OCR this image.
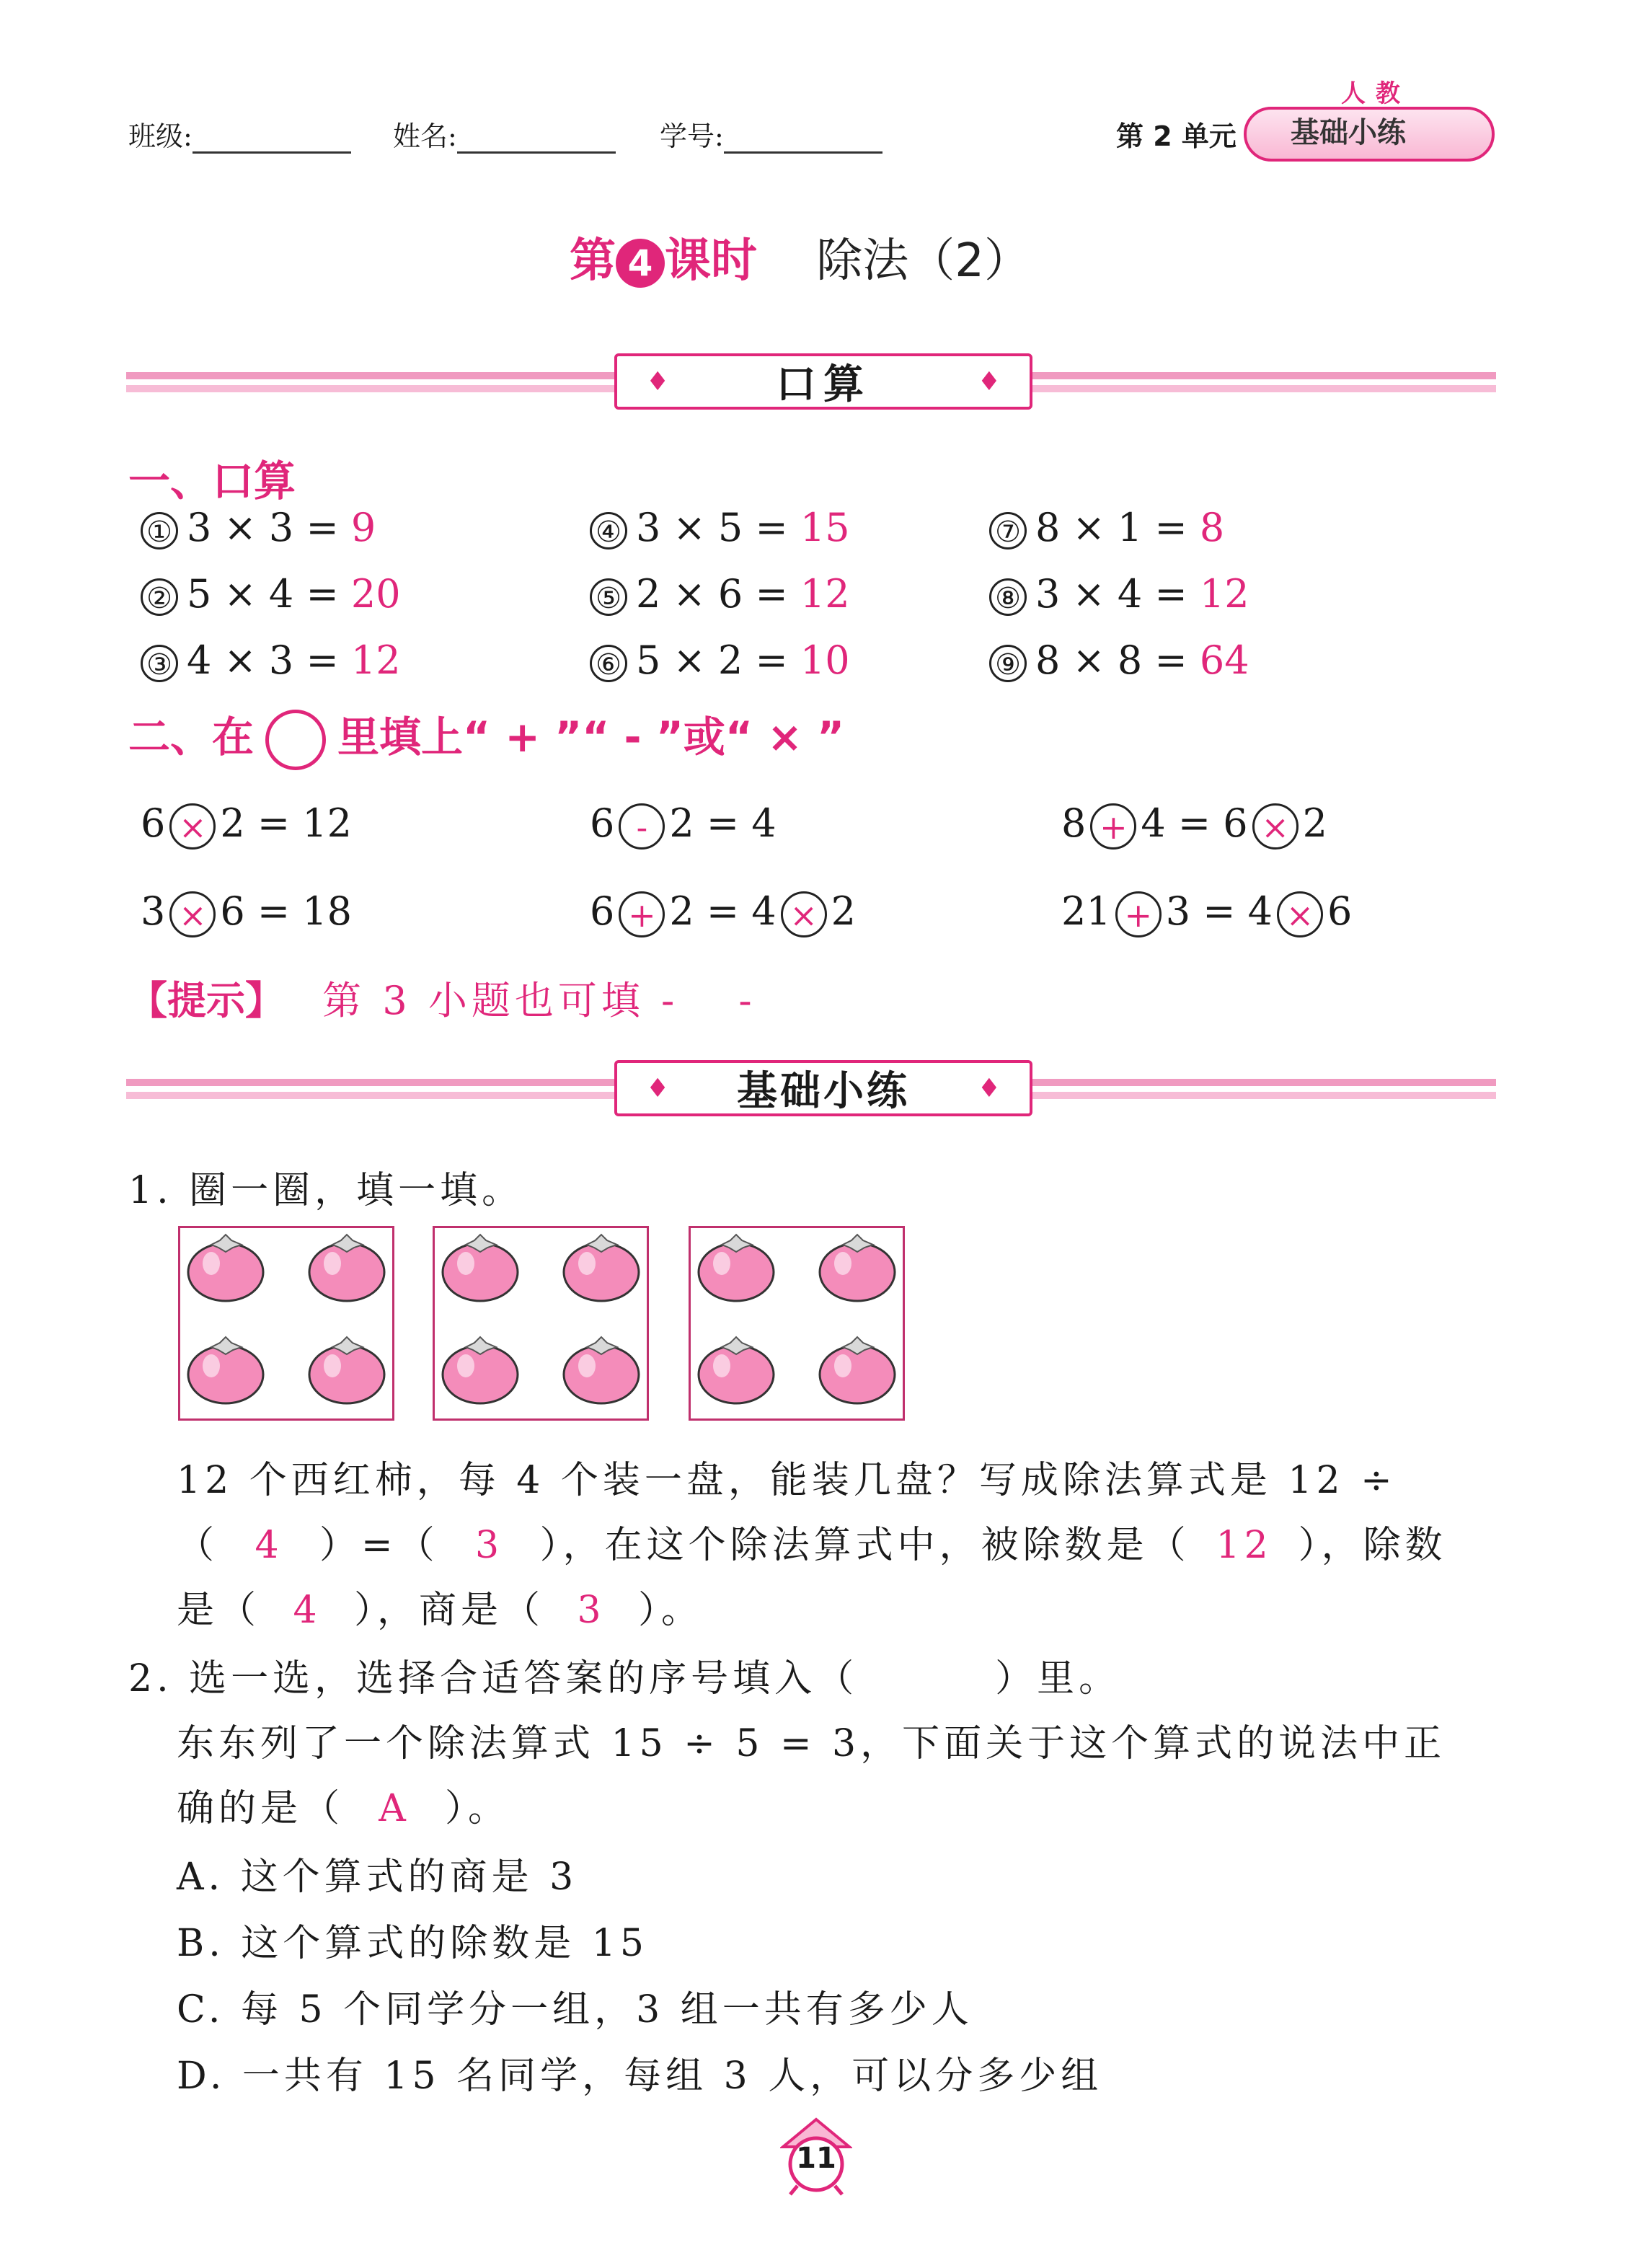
班级:	姓名:	学号:	第 2 单元
人教
基础小练
第 4 课时 除法（2）
♦	口算	♦
一、口算
① 3 × 3 = 9	④ 3 × 5 = 15	⑦ 8 × 1 = 8
② 5 × 4 = 20	⑤ 2 × 6 = 12	⑧ 3 × 4 = 12
③ 4 × 3 = 12	⑥ 5 × 2 = 10	⑨ 8 × 8 = 64
二、在 里填上“ + ”“ - ”或“ × ”
6 × 2 = 12	6 - 2 = 4	8 + 4 = 6 × 2
3 × 6 = 18	6 + 2 = 4 × 2	21 + 3 = 4 × 6
【提示】 第 3 小题也可填 -　 -
♦ 基础小练	♦
1. 圈一圈，填一填。
12 个西红柿，每 4 个装一盘，能装几盘？写成除法算式是 12 ÷
（ 4 ）=（ 3 ），在这个除法算式中，被除数是（ 12 ），除数
是（ 4 ），商是（ 3 ）。
2. 选一选，选择合适答案的序号填入（	）里。
东东列了一个除法算式 15 ÷ 5 = 3，下面关于这个算式的说法中正
确的是（ A ）。
A. 这个算式的商是 3
B. 这个算式的除数是 15
C. 每 5 个同学分一组，3 组一共有多少人
D. 一共有 15 名同学，每组 3 人，可以分多少组
11
